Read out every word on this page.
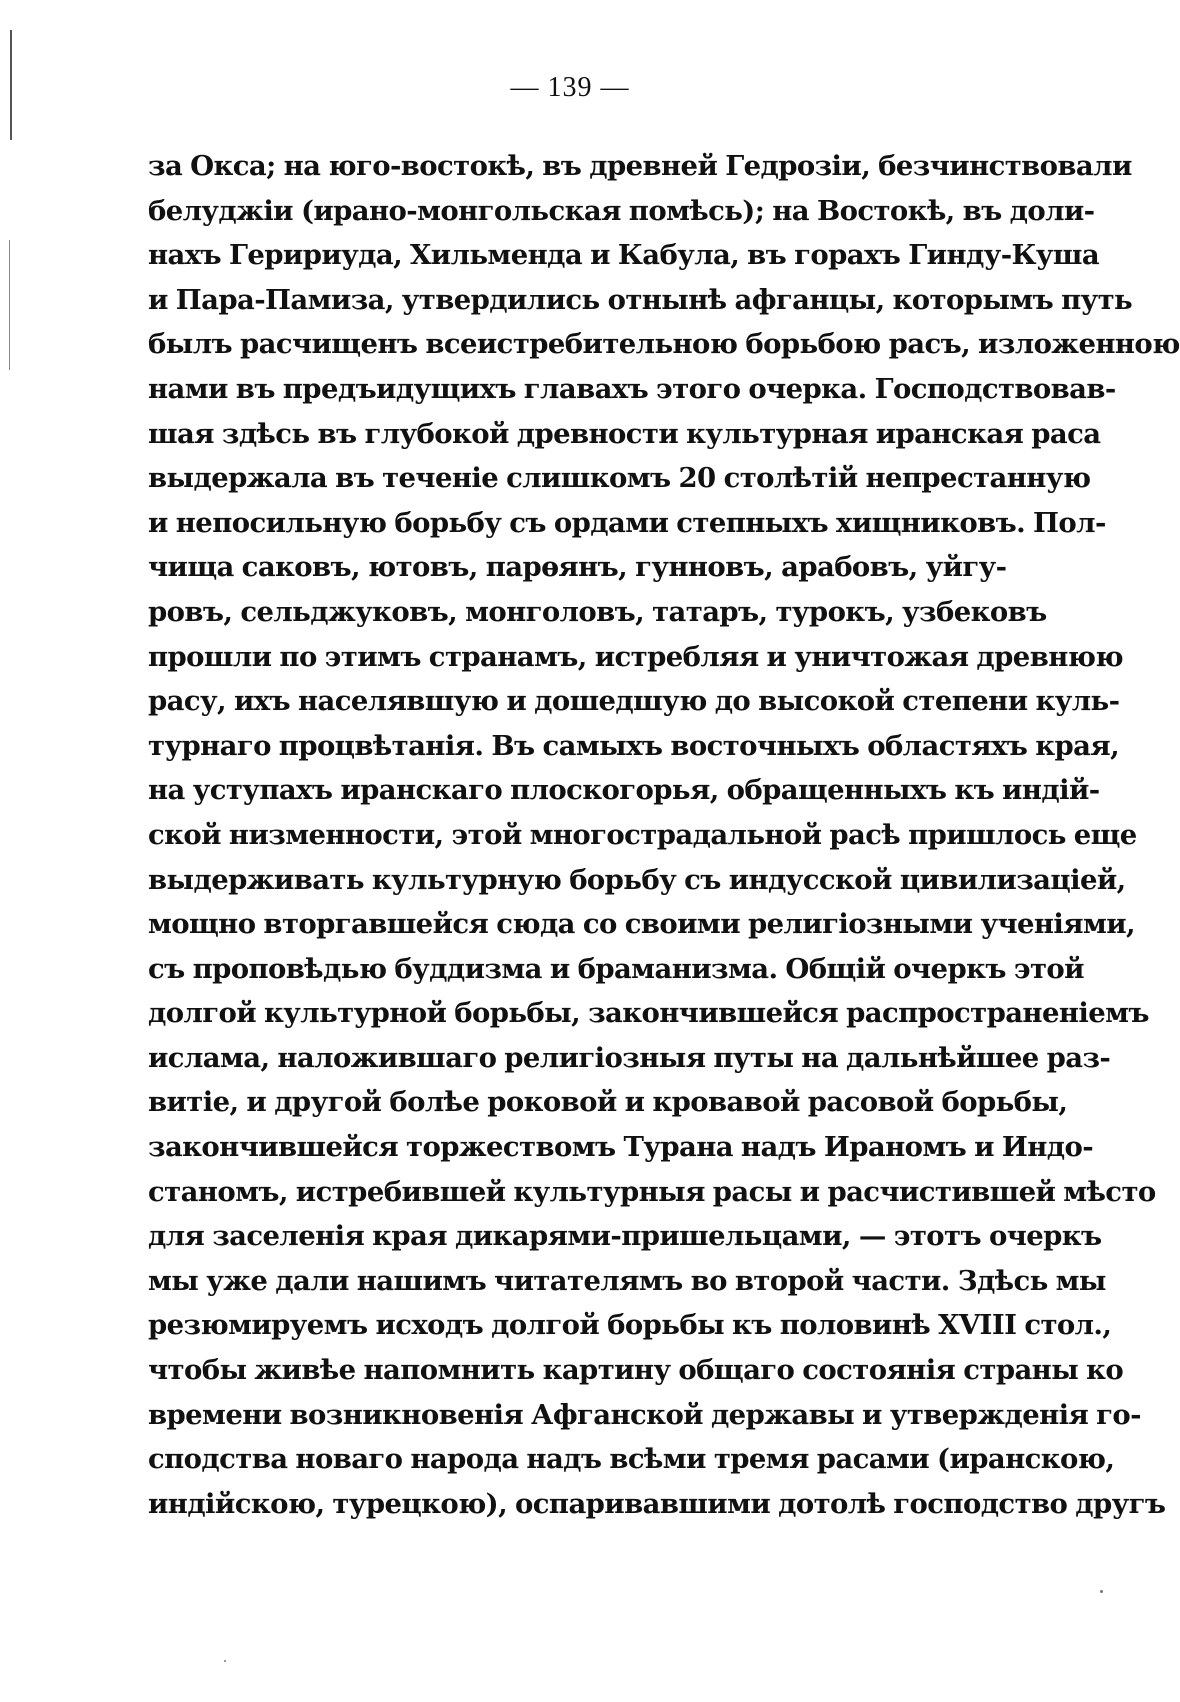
— 139 —
за Окса; на юго-востокѣ, въ древней Гедрозіи, безчинствовали
белуджіи (ирано-монгольская помѣсь); на Востокѣ, въ доли-
нахъ Геририуда, Хильменда и Кабула, въ горахъ Гинду-Куша
и Пара-Памиза, утвердились отнынѣ афганцы, которымъ путь
былъ расчищенъ всеистребительною борьбою расъ, изложенною
нами въ предъидущихъ главахъ этого очерка. Господствовав-
шая здѣсь въ глубокой древности культурная иранская раса
выдержала въ теченіе слишкомъ 20 столѣтій непрестанную
и непосильную борьбу съ ордами степныхъ хищниковъ. Пол-
чища саковъ, ютовъ, парѳянъ, гунновъ, арабовъ, уйгу-
ровъ, сельджуковъ, монголовъ, татаръ, турокъ, узбековъ
прошли по этимъ странамъ, истребляя и уничтожая древнюю
расу, ихъ населявшую и дошедшую до высокой степени куль-
турнаго процвѣтанія. Въ самыхъ восточныхъ областяхъ края,
на уступахъ иранскаго плоскогорья, обращенныхъ къ индій-
ской низменности, этой многострадальной расѣ пришлось еще
выдерживать культурную борьбу съ индусской цивилизаціей,
мощно вторгавшейся сюда со своими религіозными ученіями,
съ проповѣдью буддизма и браманизма. Общій очеркъ этой
долгой культурной борьбы, закончившейся распространеніемъ
ислама, наложившаго религіозныя путы на дальнѣйшее раз-
витіе, и другой болѣе роковой и кровавой расовой борьбы,
закончившейся торжествомъ Турана надъ Ираномъ и Индо-
станомъ, истребившей культурныя расы и расчистившей мѣсто
для заселенія края дикарями-пришельцами, — этотъ очеркъ
мы уже дали нашимъ читателямъ во второй части. Здѣсь мы
резюмируемъ исходъ долгой борьбы къ половинѣ XVIII стол.,
чтобы живѣе напомнить картину общаго состоянія страны ко
времени возникновенія Афганской державы и утвержденія го-
сподства новаго народа надъ всѣми тремя расами (иранскою,
индійскою, турецкою), оспаривавшими дотолѣ господство другъ
